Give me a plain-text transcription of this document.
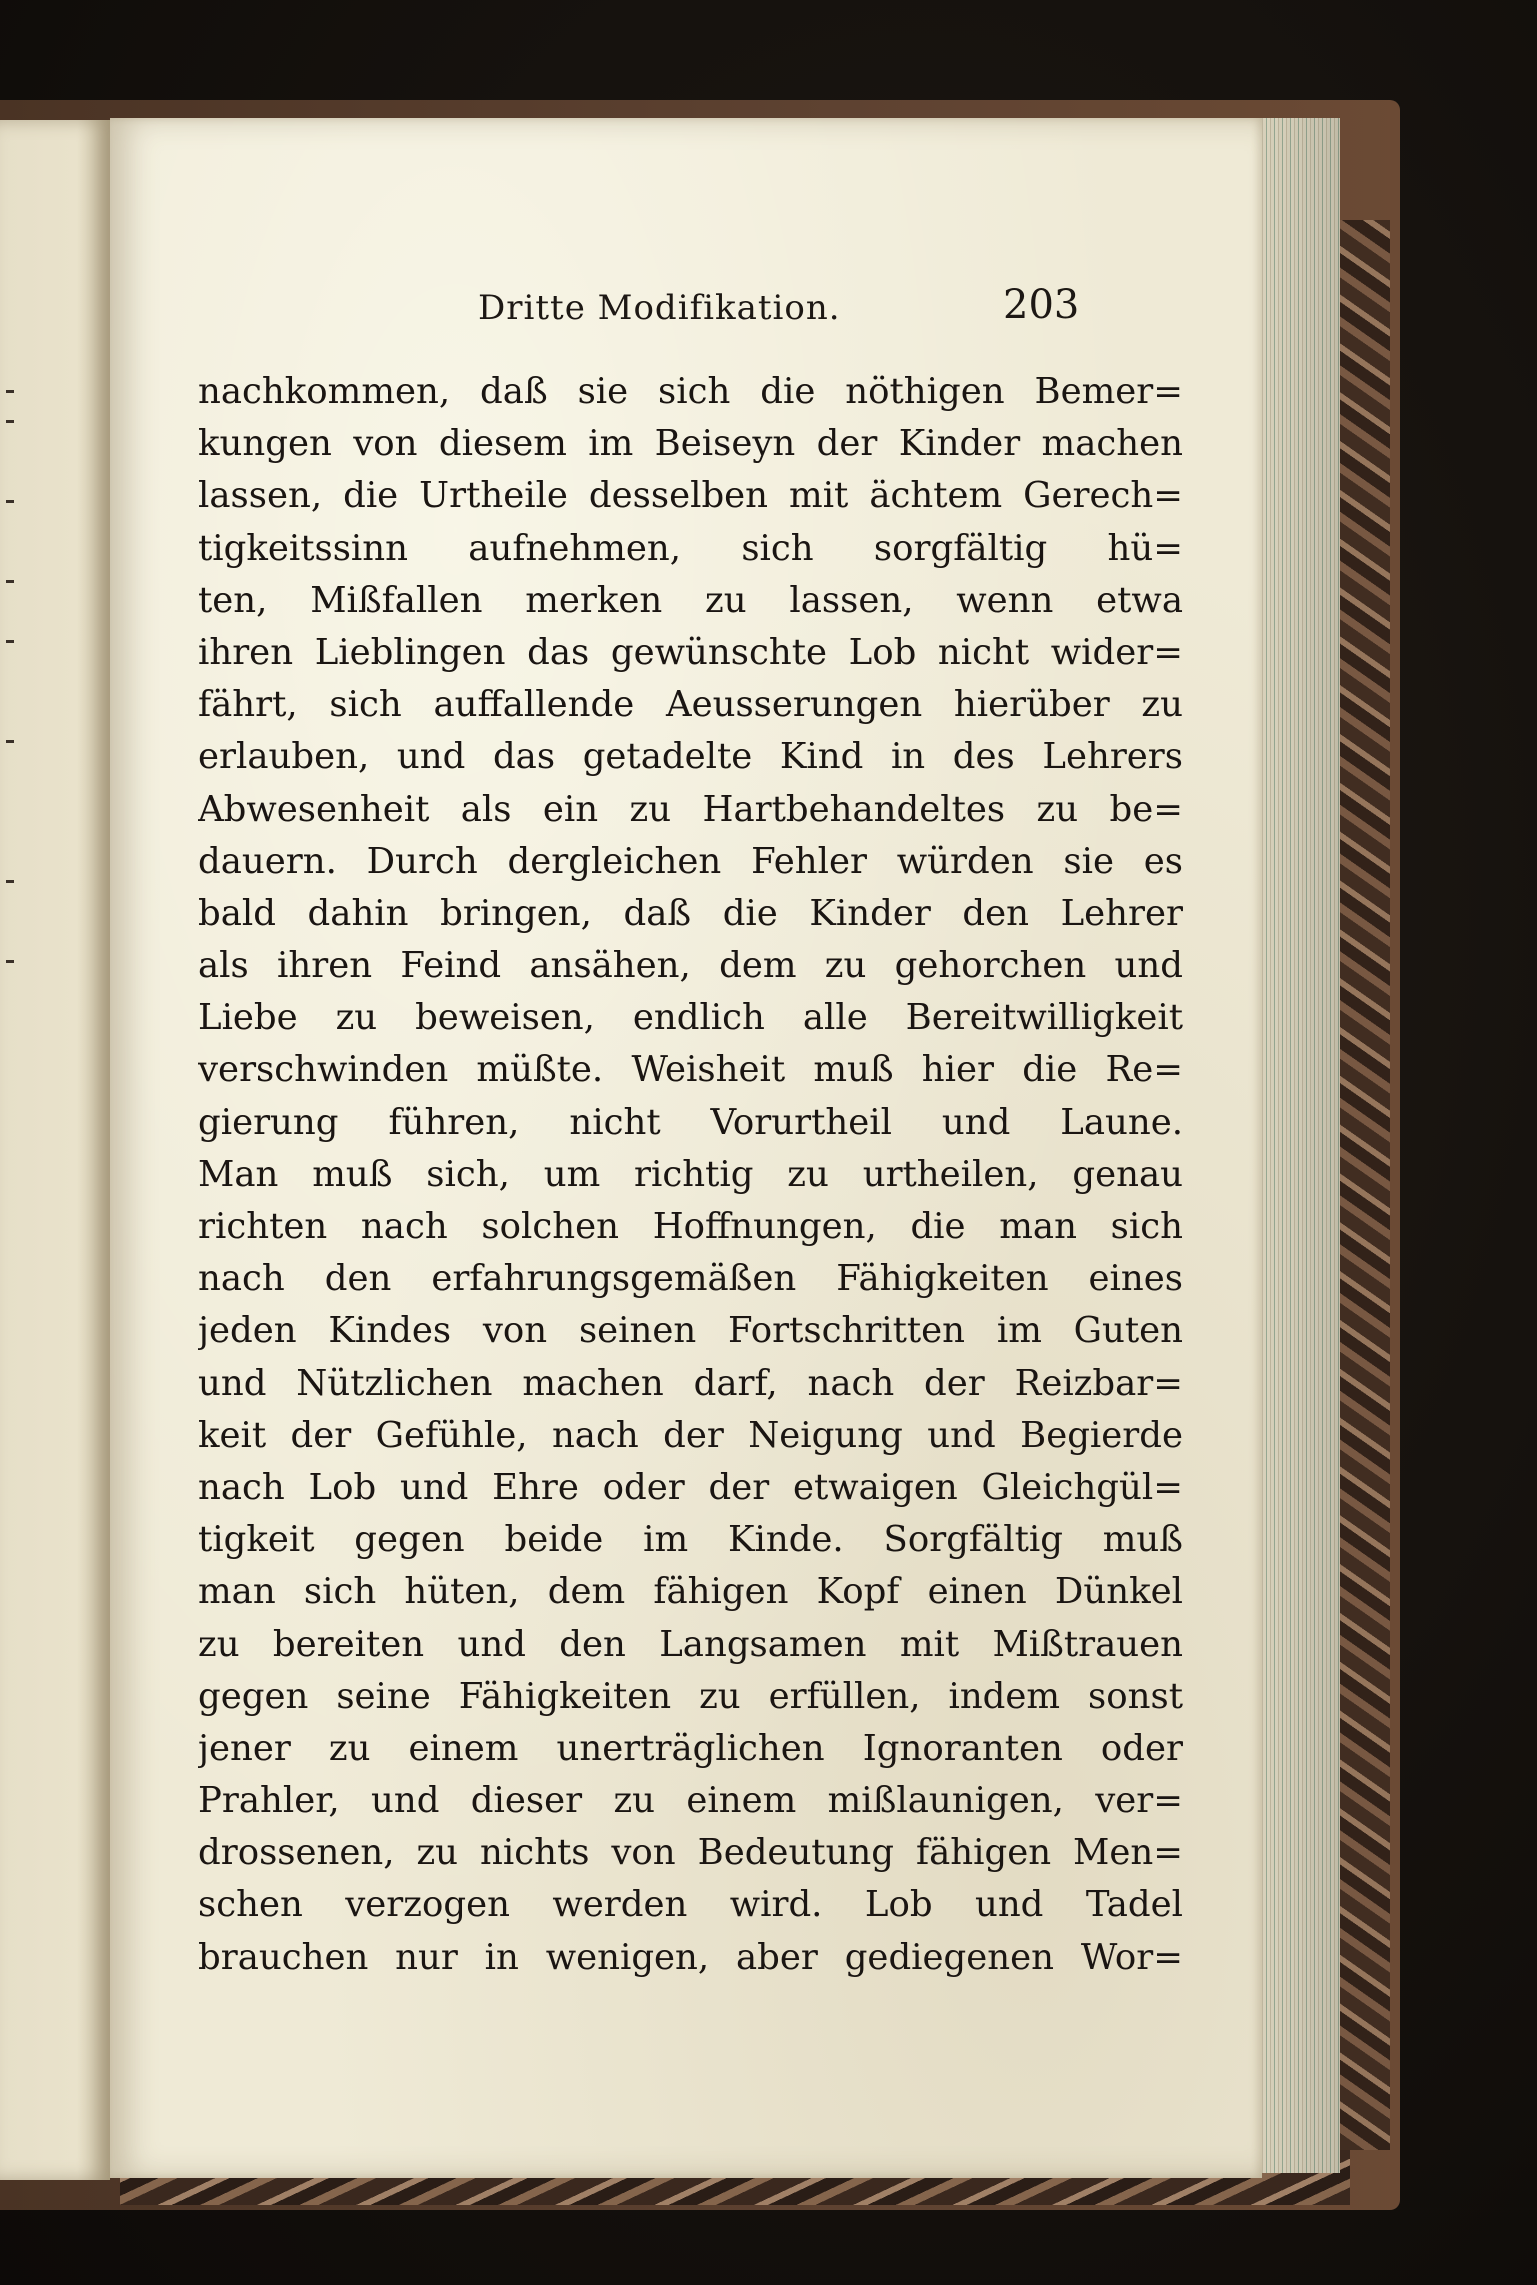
Dritte Modifikation.	203
nachkommen, daß sie sich die nöthigen Bemer=
kungen von diesem im Beiseyn der Kinder machen
lassen, die Urtheile desselben mit ächtem Gerech=
tigkeitssinn aufnehmen, sich sorgfältig hü=
ten, Mißfallen merken zu lassen, wenn etwa
ihren Lieblingen das gewünschte Lob nicht wider=
fährt, sich auffallende Aeusserungen hierüber zu
erlauben, und das getadelte Kind in des Lehrers
Abwesenheit als ein zu Hartbehandeltes zu be=
dauern. Durch dergleichen Fehler würden sie es
bald dahin bringen, daß die Kinder den Lehrer
als ihren Feind ansähen, dem zu gehorchen und
Liebe zu beweisen, endlich alle Bereitwilligkeit
verschwinden müßte. Weisheit muß hier die Re=
gierung führen, nicht Vorurtheil und Laune.
Man muß sich, um richtig zu urtheilen, genau
richten nach solchen Hoffnungen, die man sich
nach den erfahrungsgemäßen Fähigkeiten eines
jeden Kindes von seinen Fortschritten im Guten
und Nützlichen machen darf, nach der Reizbar=
keit der Gefühle, nach der Neigung und Begierde
nach Lob und Ehre oder der etwaigen Gleichgül=
tigkeit gegen beide im Kinde. Sorgfältig muß
man sich hüten, dem fähigen Kopf einen Dünkel
zu bereiten und den Langsamen mit Mißtrauen
gegen seine Fähigkeiten zu erfüllen, indem sonst
jener zu einem unerträglichen Ignoranten oder
Prahler, und dieser zu einem mißlaunigen, ver=
drossenen, zu nichts von Bedeutung fähigen Men=
schen verzogen werden wird. Lob und Tadel
brauchen nur in wenigen, aber gediegenen Wor=
